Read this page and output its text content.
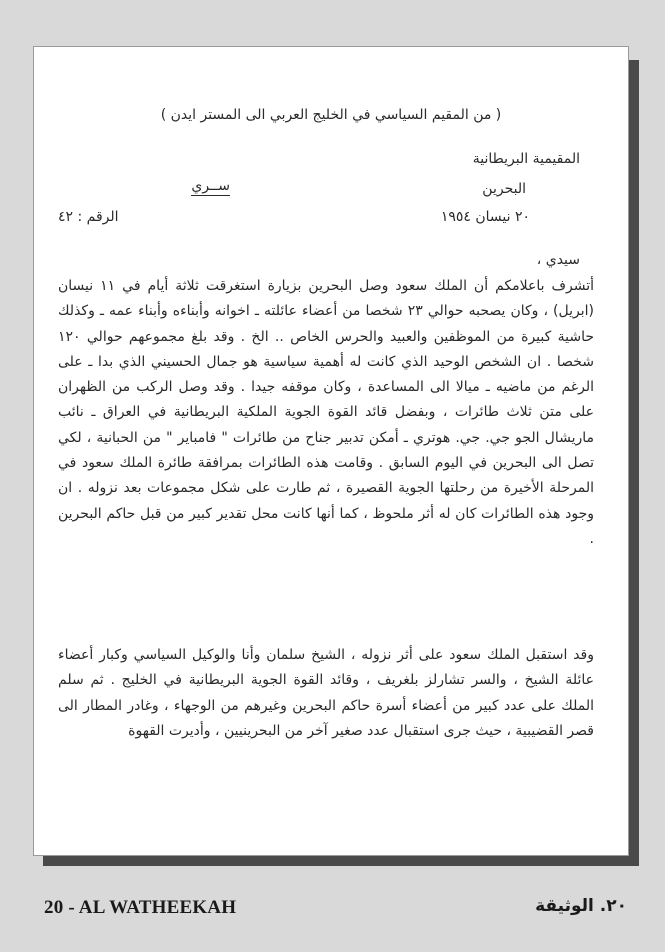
( من المقيم السياسي في الخليج العربي الى المستر ايدن )
المقيمية البريطانية
البحرين
ســري
٢٠ نيسان ١٩٥٤
الرقم : ٤٢
سيدي ،

أتشرف باعلامكم أن الملك سعود وصل البحرين بزيارة استغرقت ثلاثة أيام في ١١ نيسان (ابريل) ، وكان يصحبه حوالي ٢٣ شخصا من أعضاء عائلته ـ اخوانه وأبناءه وأبناء عمه ـ وكذلك حاشية كبيرة من الموظفين والعبيد والحرس الخاص .. الخ . وقد بلغ مجموعهم حوالي ١٢٠ شخصا . ان الشخص الوحيد الذي كانت له أهمية سياسية هو جمال الحسيني الذي بدا ـ على الرغم من ماضيه ـ ميالا الى المساعدة ، وكان موقفه جيدا . وقد وصل الركب من الظهران على متن ثلاث طائرات ، وبفضل قائد القوة الجوية الملكية البريطانية في العراق ـ نائب ماريشال الجو جي. جي. هوتري ـ أمكن تدبير جناح من طائرات " فامباير " من الحبانية ، لكي تصل الى البحرين في اليوم السابق . وقامت هذه الطائرات بمرافقة طائرة الملك سعود في المرحلة الأخيرة من رحلتها الجوية القصيرة ، ثم طارت على شكل مجموعات بعد نزوله . ان وجود هذه الطائرات كان له أثر ملحوظ ، كما أنها كانت محل تقدير كبير من قبل حاكم البحرين .

وقد استقبل الملك سعود على أثر نزوله ، الشيخ سلمان وأنا والوكيل السياسي وكبار أعضاء عائلة الشيخ ، والسر تشارلز بلغريف ، وقائد القوة الجوية البريطانية في الخليج . ثم سلم الملك على عدد كبير من أعضاء أسرة حاكم البحرين وغيرهم من الوجهاء ، وغادر المطار الى قصر القضيبية ، حيث جرى استقبال عدد صغير آخر من البحرينيين ، وأديرت القهوة

20 - AL WATHEEKAH	٢٠. الوثيقة
